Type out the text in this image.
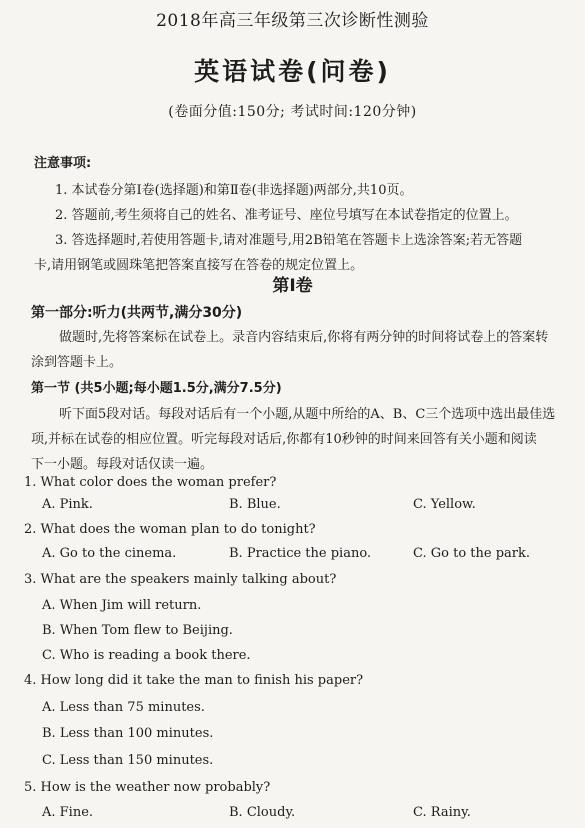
2018年高三年级第三次诊断性测验
英语试卷(问卷)
(卷面分值:150分; 考试时间:120分钟)
注意事项:
1. 本试卷分第Ⅰ卷(选择题)和第Ⅱ卷(非选择题)两部分,共10页。
2. 答题前,考生须将自己的姓名、准考证号、座位号填写在本试卷指定的位置上。
3. 答选择题时,若使用答题卡,请对准题号,用2B铅笔在答题卡上选涂答案;若无答题
卡,请用钢笔或圆珠笔把答案直接写在答卷的规定位置上。
第Ⅰ卷
第一部分:听力(共两节,满分30分)
做题时,先将答案标在试卷上。录音内容结束后,你将有两分钟的时间将试卷上的答案转
涂到答题卡上。
第一节 (共5小题;每小题1.5分,满分7.5分)
听下面5段对话。每段对话后有一个小题,从题中所给的A、B、C三个选项中选出最佳选
项,并标在试卷的相应位置。听完每段对话后,你都有10秒钟的时间来回答有关小题和阅读
下一小题。每段对话仅读一遍。
1. What color does the woman prefer?
A. Pink.	B. Blue.	C. Yellow.
2. What does the woman plan to do tonight?
A. Go to the cinema.	B. Practice the piano.	C. Go to the park.
3. What are the speakers mainly talking about?
A. When Jim will return.
B. When Tom flew to Beijing.
C. Who is reading a book there.
4. How long did it take the man to finish his paper?
A. Less than 75 minutes.
B. Less than 100 minutes.
C. Less than 150 minutes.
5. How is the weather now probably?
A. Fine.	B. Cloudy.	C. Rainy.
